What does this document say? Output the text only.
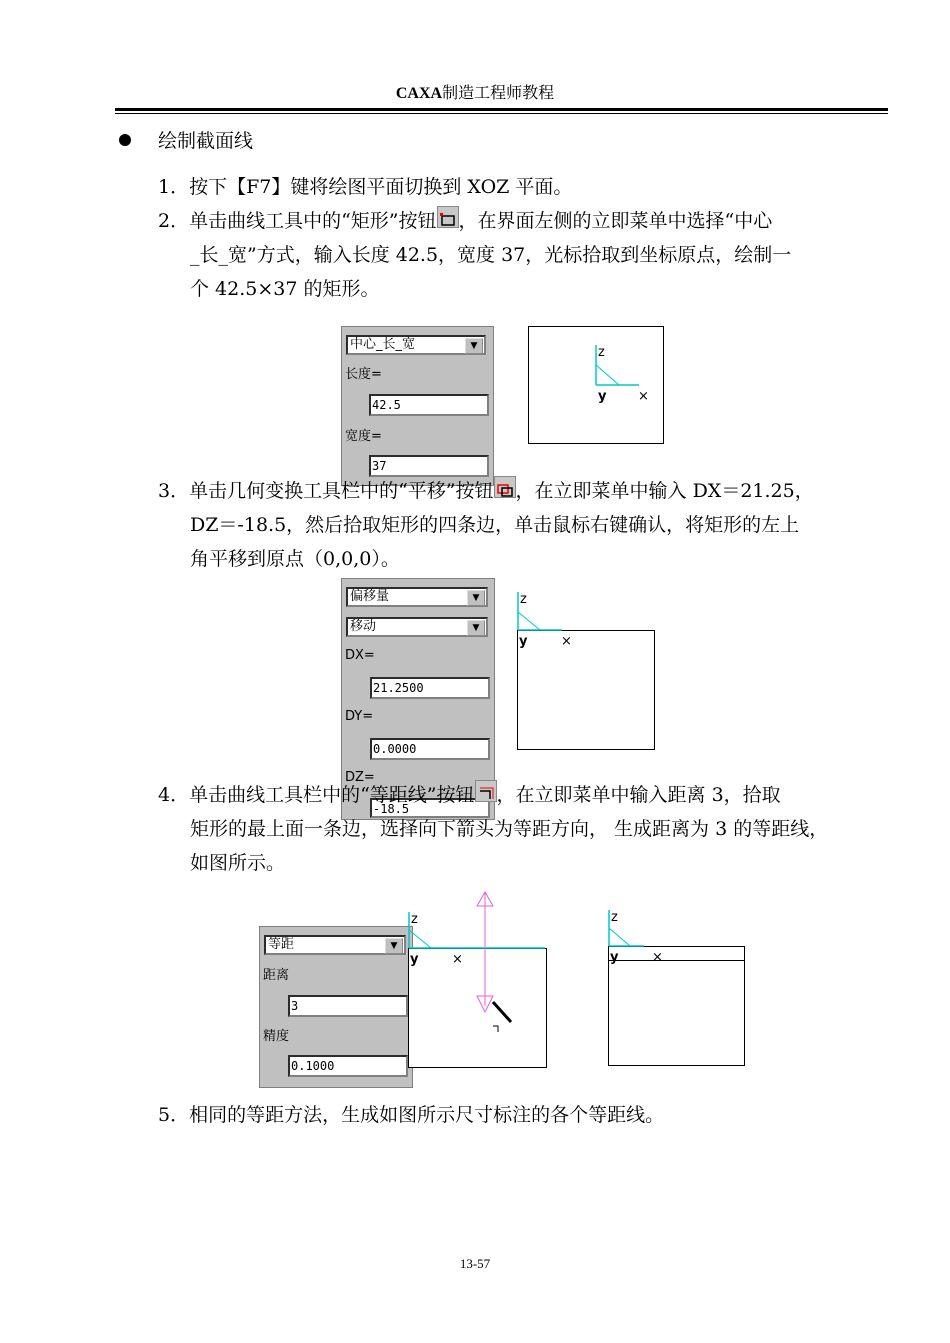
CAXA制造工程师教程
绘制截面线
1．按下【F7】键将绘图平面切换到 XOZ 平面。
2．单击曲线工具中的“矩形”按钮 ，在界面左侧的立即菜单中选择“中心
_长_宽”方式，输入长度 42.5，宽度 37，光标拾取到坐标原点，绘制一
个 42.5×37 的矩形。
中心_长_宽	▼
长度=
42.5
宽度=
37
z
y ×
3．单击几何变换工具栏中的“平移”按钮 ，在立即菜单中输入 DX＝21.25，
DZ＝-18.5，然后拾取矩形的四条边，单击鼠标右键确认，将矩形的左上
角平移到原点（0,0,0）。
偏移量	▼
移动	▼
DX=
21.2500
DY=
0.0000
DZ=
-18.5
z
y	×
4．单击曲线工具栏中的“等距线”按钮 ，在立即菜单中输入距离 3，拾取
矩形的最上面一条边，选择向下箭头为等距方向， 生成距离为 3 的等距线，
如图所示。
等距	▼
距离
3
精度
0.1000
z
y	×
z
y	×
5．相同的等距方法，生成如图所示尺寸标注的各个等距线。
13-57
